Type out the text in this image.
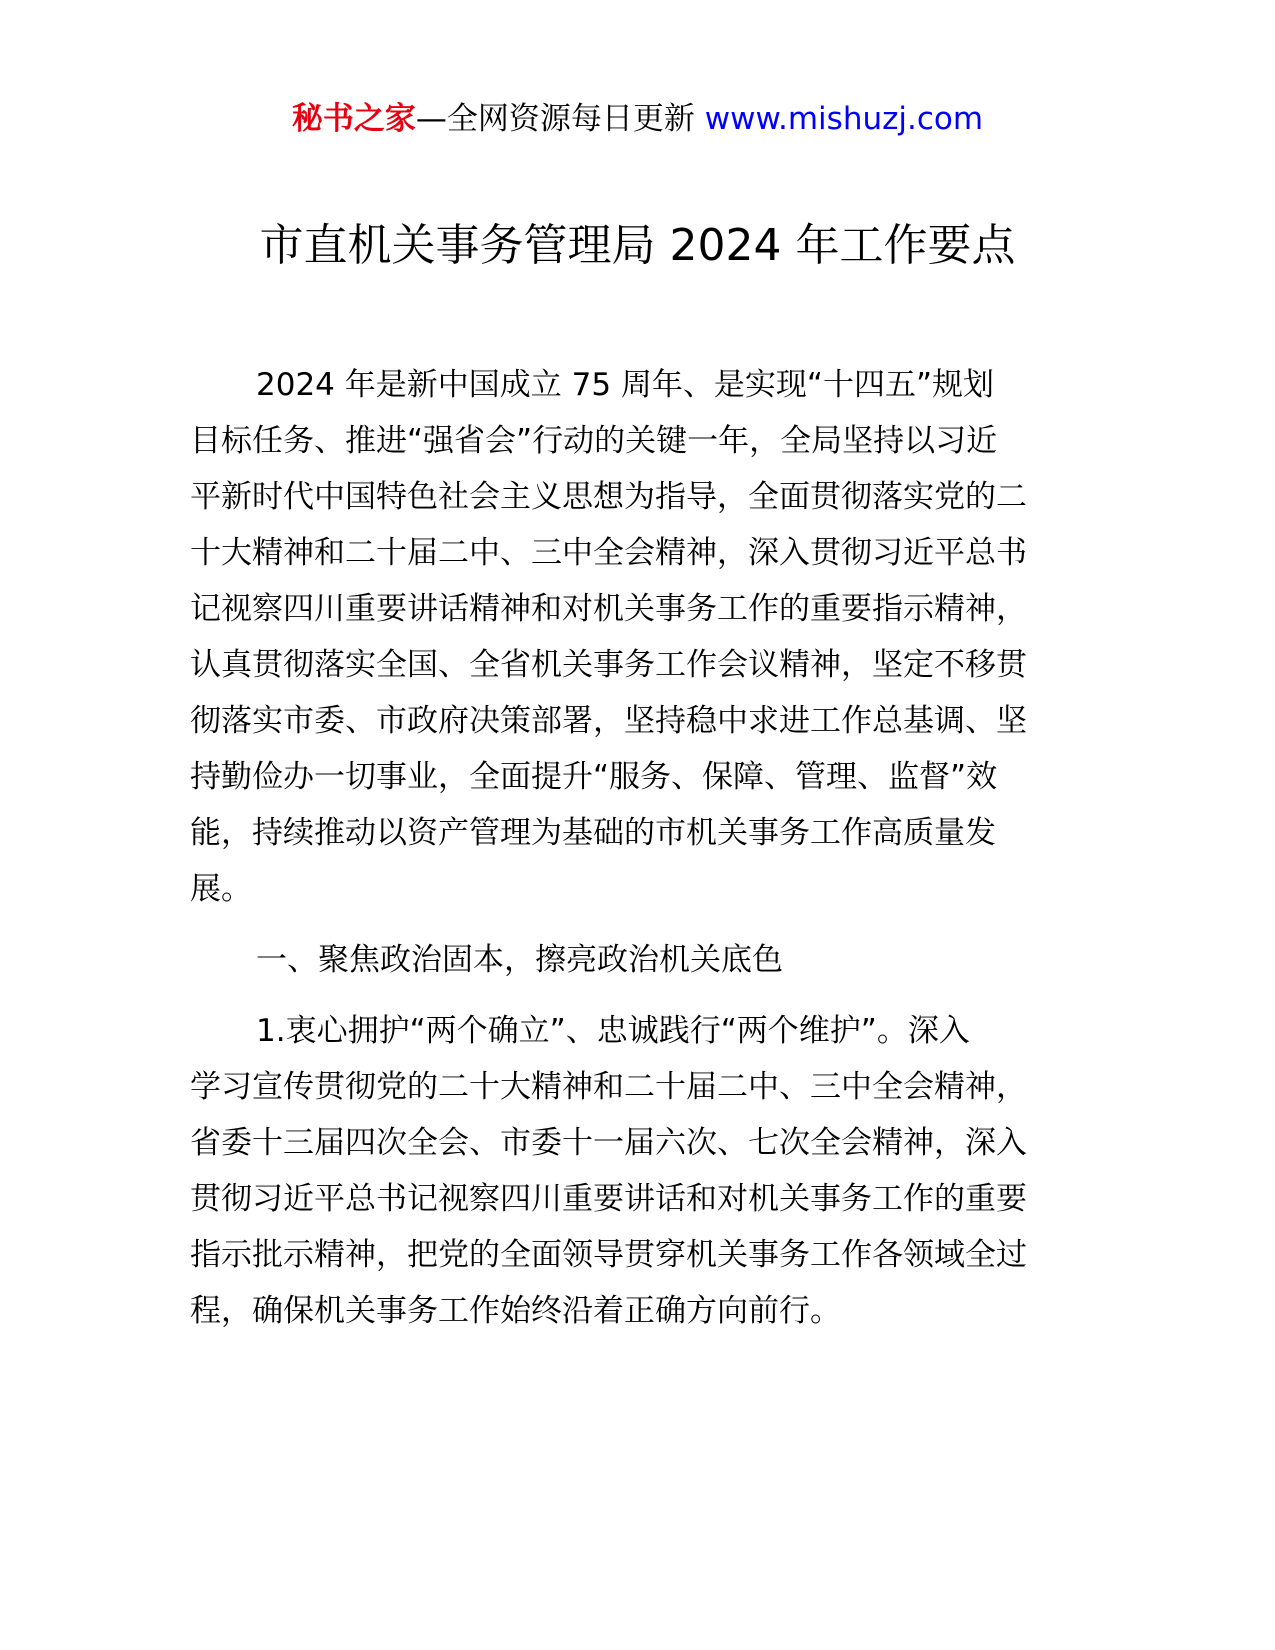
秘书之家—全网资源每日更新 www.mishuzj.com
市直机关事务管理局 2024 年工作要点
2024 年是新中国成立 75 周年、是实现“十四五”规划
目标任务、推进“强省会”行动的关键一年，全局坚持以习近
平新时代中国特色社会主义思想为指导，全面贯彻落实党的二
十大精神和二十届二中、三中全会精神，深入贯彻习近平总书
记视察四川重要讲话精神和对机关事务工作的重要指示精神，
认真贯彻落实全国、全省机关事务工作会议精神，坚定不移贯
彻落实市委、市政府决策部署，坚持稳中求进工作总基调、坚
持勤俭办一切事业，全面提升“服务、保障、管理、监督”效
能，持续推动以资产管理为基础的市机关事务工作高质量发
展。
一、聚焦政治固本，擦亮政治机关底色
1.衷心拥护“两个确立”、忠诚践行“两个维护”。深入
学习宣传贯彻党的二十大精神和二十届二中、三中全会精神，
省委十三届四次全会、市委十一届六次、七次全会精神，深入
贯彻习近平总书记视察四川重要讲话和对机关事务工作的重要
指示批示精神，把党的全面领导贯穿机关事务工作各领域全过
程，确保机关事务工作始终沿着正确方向前行。
